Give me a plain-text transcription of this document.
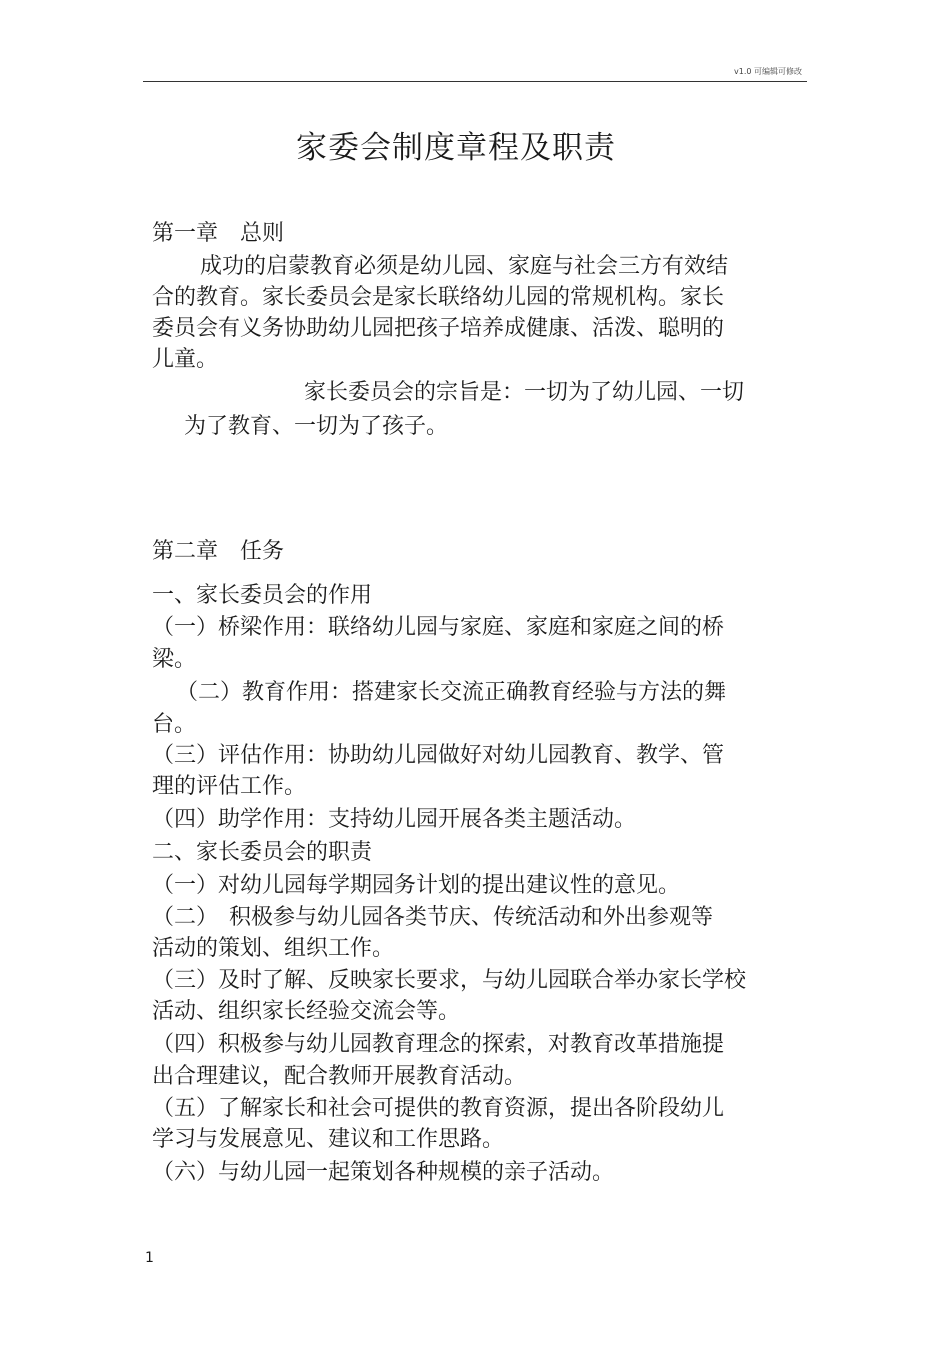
v1.0 可编辑可修改
家委会制度章程及职责

第一章　总则

成功的启蒙教育必须是幼儿园、家庭与社会三方有效结

合的教育。家长委员会是家长联络幼儿园的常规机构。家长

委员会有义务协助幼儿园把孩子培养成健康、活泼、聪明的

儿童。

家长委员会的宗旨是：一切为了幼儿园、一切

为了教育、一切为了孩子。

第二章　任务

一、家长委员会的作用

（一）桥梁作用：联络幼儿园与家庭、家庭和家庭之间的桥

梁。

（二）教育作用：搭建家长交流正确教育经验与方法的舞

台。

（三）评估作用：协助幼儿园做好对幼儿园教育、教学、管

理的评估工作。

（四）助学作用：支持幼儿园开展各类主题活动。

二、家长委员会的职责

（一）对幼儿园每学期园务计划的提出建议性的意见。

（二）　积极参与幼儿园各类节庆、传统活动和外出参观等

活动的策划、组织工作。

（三）及时了解、反映家长要求，与幼儿园联合举办家长学校

活动、组织家长经验交流会等。

（四）积极参与幼儿园教育理念的探索，对教育改革措施提

出合理建议，配合教师开展教育活动。

（五）了解家长和社会可提供的教育资源，提出各阶段幼儿

学习与发展意见、建议和工作思路。

（六）与幼儿园一起策划各种规模的亲子活动。

1
